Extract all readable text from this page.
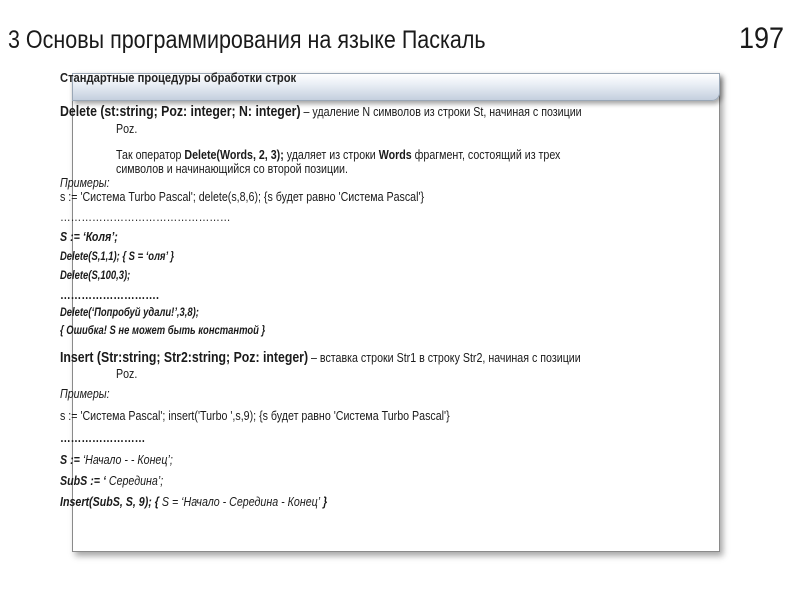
3 Основы программирования на языке Паскаль	197
Стандартные процедуры обработки строк
Delete (st:string; Poz: integer; N: integer) – удаление N символов из строки St, начиная с позиции
Poz.
Так оператор Delete(Words, 2, 3); удаляет из строки Words фрагмент, состоящий из трех
символов и начинающийся со второй позиции.
Примеры:
s := 'Система Turbo Pascal'; delete(s,8,6); {s будет равно 'Система Pascal'}
…………………………………………
S := ‘Коля’;
Delete(S,1,1); { S = ‘оля’ }
Delete(S,100,3);
……………………….
Delete(‘Попробуй удали!’,3,8);
{ Ошибка! S не может быть константой }
Insert (Str:string; Str2:string; Poz: integer) – вставка строки Str1 в строку Str2, начиная с позиции
Poz.
Примеры:
s := 'Система Pascal'; insert('Turbo ',s,9); {s будет равно 'Система Turbo Pascal'}
……………………
S := ‘Начало - - Конец’;
SubS := ‘ Середина’;
Insert(SubS, S, 9); { S = ‘Начало - Середина - Конец’ }
